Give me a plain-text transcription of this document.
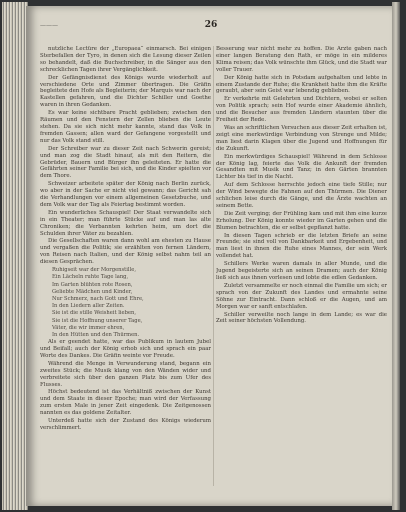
———	26

nutzliche Lectüre der „Europaea“ einmarsch. Bei einigen Sterbefallen der Tyro, in denen sich die Lesung dieser Zeilen so behandelt, daß die Buchschreiber, in die Sänger aus den schrecklichen Tagen ihrer Vergänglichkeit.

Der Gefängnisdienst des Königs wurde wiederholt auf verschiedene Orte und Zimmer übertragen. Die Gräfin begleitete den Hofe als Begleiterin; der Marquis war nach der Kastellen gefahren, und die Dichter Schiller und Goethe waren in ihren Gedanken.

Es war keine sichtbare Pracht geblieben; zwischen den Räumen und den Fenstern der Zellen blieben die Leute stehen. Da sie sich nicht mehr kannte, stand das Volk in fremden Gassen; allen ward der Gefangene vorgestellt und nur das Volk stand still.

Der Schreiber war zu dieser Zeit nach Schwerin gereist; und man zog die Stadt hinauf, als mit den Reitern, die Gebrüder, Bauern und Bürger ihn geleiteten. Er hatte die Gefährten seiner Familie bei sich, und die Kinder spielten vor dem Thore.

Schweizer arbeitete später der König nach Berlin zurück, wo aber in der Sache er nicht viel gewann; das Gericht sah die Verhandlungen vor einem allgemeinen Gesetzbuche, und dem Volk war der Tag als Feiertag bestimmt worden.

Ein wunderliches Schauspiel! Der Staat verwandelte sich in ein Theater; man führte Stücke auf und man las alte Chroniken; die Verbannten kehrten heim, um dort die Schulden ihrer Väter zu bezahlen.

Die Gesellschaften waren dann wohl am ehesten zu Hause und vergaßen die Politik; sie erzählten von fernen Ländern, von Reisen nach Italien, und der König selbst nahm teil an diesen Gesprächen.

Ruhigseit war der Morgenstille,

Ein Lächeln ruhte Tage lang,

Im Garten blühten rote Rosen,

Geliebte Mädchen und Kinder,

Nur Schmerz, nach Gott und Ehre,

In den Liedern aller Zeiten.

Sie ist die stille Weisheit lieben,

Sie ist die Hoffnung unserer Tage,

Väter, die wir immer ehren,

In den Hütten und den Thürmen.

Als er geendet hatte, war das Publikum in lautem Jubel und Beifall; auch der König erhob sich und sprach ein paar Worte des Dankes. Die Gräfin weinte vor Freude.

Während die Menge in Verwunderung stand, begann ein zweites Stück; die Musik klang von den Wänden wider und verbreitete sich über den ganzen Platz bis zum Ufer des Flusses.

Höchst bedeutend ist das Verhältniß zwischen der Kunst und dem Staate in dieser Epoche; man wird der Verfassung zum ersten Male in jener Zeit eingedenk. Die Zeitgenossen nannten es das goldene Zeitalter.

Unterdeß hatte sich der Zustand des Königs wiederum verschlimmert.

Besserung war nicht mehr zu hoffen. Die Ärzte gaben nach einer langen Beratung den Rath, er möge in ein milderes Klima reisen; das Volk wünschte ihm Glück, und die Stadt war voller Trauer.

Der König hatte sich in Potsdam aufgehalten und lebte in einem Zustande der Ruhe; die Krankheit hatte ihm die Kräfte geraubt, aber sein Geist war lebendig geblieben.

Er verkehrte mit Gelehrten und Dichtern, wobei er selten von Politik sprach; sein Hof wurde einer Akademie ähnlich, und die Besucher aus fremden Ländern staunten über die Freiheit der Rede.

Was an schriftlichen Versuchen aus dieser Zeit erhalten ist, zeigt eine merkwürdige Verbindung von Strenge und Milde; man liest darin Klagen über die Jugend und Hoffnungen für die Zukunft.

Ein merkwürdiges Schauspiel! Während in dem Schlosse der König lag, feierte das Volk die Ankunft der fremden Gesandten mit Musik und Tanz; in den Gärten brannten Lichter bis tief in die Nacht.

Auf dem Schlosse herrschte jedoch eine tiefe Stille; nur der Wind bewegte die Fahnen auf den Thürmen. Die Diener schlichen leise durch die Gänge, und die Ärzte wachten an seinem Bette.

Die Zeit verging; der Frühling kam und mit ihm eine kurze Erholung. Der König konnte wieder im Garten gehen und die Blumen betrachten, die er selbst gepflanzt hatte.

In diesen Tagen schrieb er die letzten Briefe an seine Freunde; sie sind voll von Dankbarkeit und Ergebenheit, und man liest in ihnen die Ruhe eines Mannes, der sein Werk vollendet hat.

Schillers Werke waren damals in aller Munde, und die Jugend begeisterte sich an seinen Dramen; auch der König ließ sich aus ihnen vorlesen und lobte die edlen Gedanken.

Zuletzt versammelte er noch einmal die Familie um sich; er sprach von der Zukunft des Landes und ermahnte seine Söhne zur Eintracht. Dann schloß er die Augen, und am Morgen war er sanft entschlafen.

Schiller verweilte noch lange in dem Lande; es war die Zeit seiner höchsten Vollendung.
